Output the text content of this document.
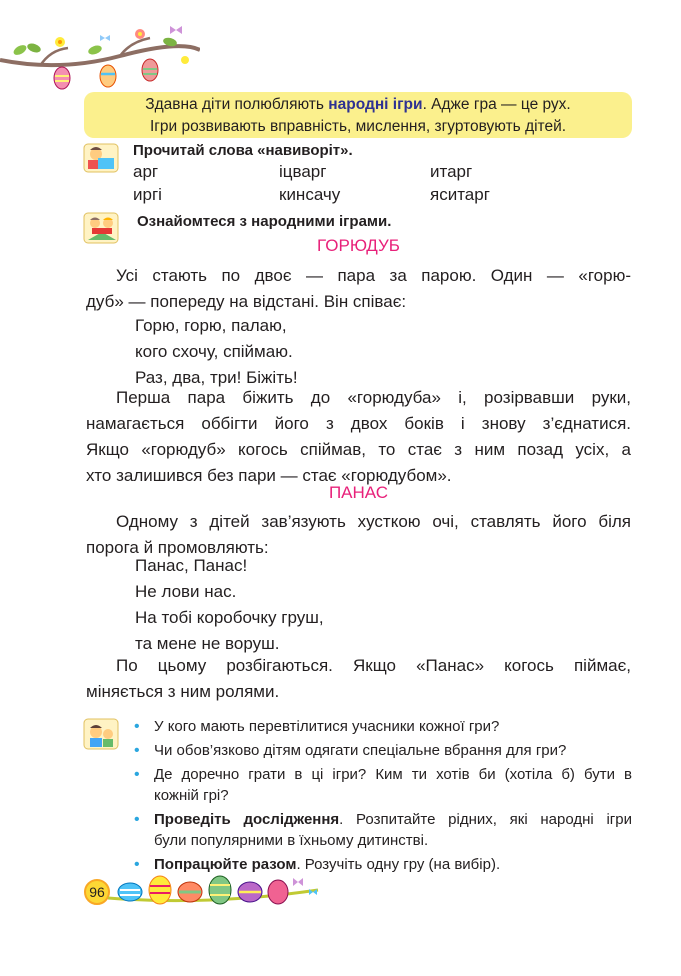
Здавна діти полюбляють народні ігри. Адже гра — це рух.
Ігри розвивають вправність, мислення, згуртовують дітей.
Прочитай слова «навиворіт».
арг	іцварг	итарг
иргі	кинсачу	яситарг
Ознайомтеся з народними іграми.
ГОРЮДУБ
Усі стають по двоє — пара за парою. Один — «горю-
дуб» — попереду на відстані. Він співає:
Горю, горю, палаю,
кого схочу, спіймаю.
Раз, два, три! Біжіть!
Перша пара біжить до «горюдуба» і, розірвавши руки,
намагається оббігти його з двох боків і знову з’єднатися.
Якщо «горюдуб» когось спіймав, то стає з ним позад усіх, а
хто залишився без пари — стає «горюдубом».
ПАНАС
Одному з дітей зав’язують хусткою очі, ставлять його біля
порога й промовляють:
Панас, Панас!
Не лови нас.
На тобі коробочку груш,
та мене не воруш.
По цьому розбігаються. Якщо «Панас» когось піймає,
міняється з ним ролями.
• У кого мають перевтілитися учасники кожної гри?
• Чи обов’язково дітям одягати спеціальне вбрання для гри?
• Де доречно грати в ці ігри? Ким ти хотів би (хотіла б) бути в
кожній грі?
• Проведіть дослідження. Розпитайте рідних, які народні ігри
були популярними в їхньому дитинстві.
• Попрацюйте разом. Розучіть одну гру (на вибір).
96
